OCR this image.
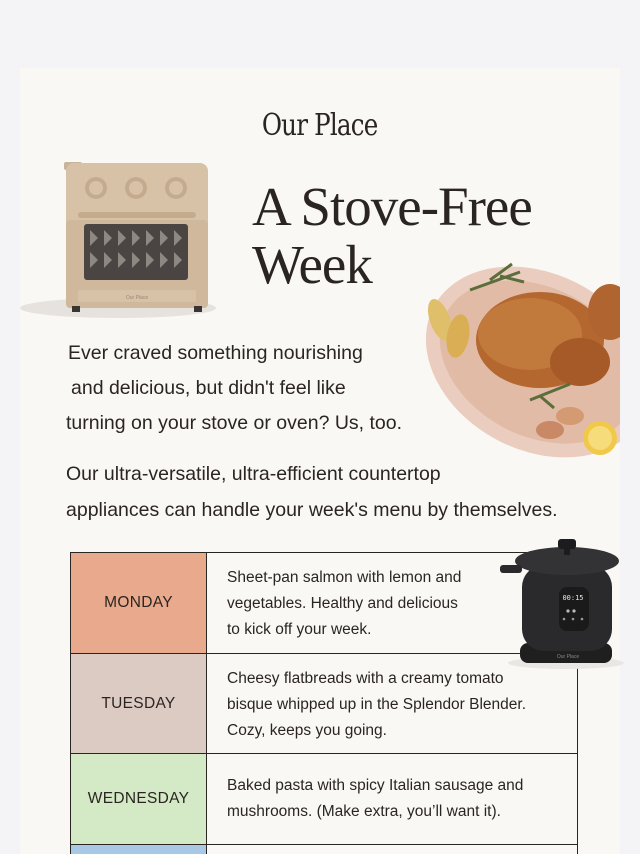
Our Place
Our Place
A Stove-Free
Week
Ever craved something nourishing
and delicious, but didn't feel like
turning on your stove or oven? Us, too.
Our ultra-versatile, ultra-efficient countertop
appliances can handle your week's menu by themselves.
MONDAY
Sheet-pan salmon with lemon and
vegetables. Healthy and delicious
to kick off your week.
TUESDAY
Cheesy flatbreads with a creamy tomato
bisque whipped up in the Splendor Blender.
Cozy, keeps you going.
WEDNESDAY
Baked pasta with spicy Italian sausage and
mushrooms. (Make extra, you’ll want it).
00:15
Our Place
